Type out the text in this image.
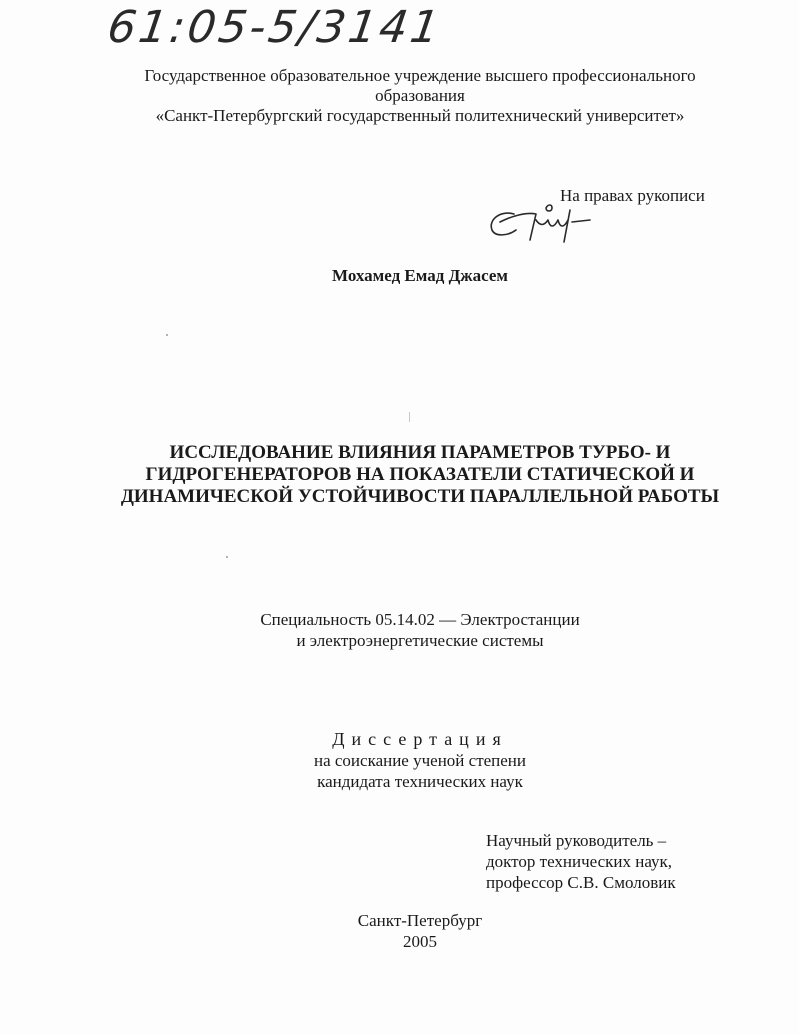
61:05-5/3141
Государственное образовательное учреждение высшего профессионального
образования
«Санкт-Петербургский государственный политехнический университет»
На правах рукописи
Мохамед Емад Джасем
ИССЛЕДОВАНИЕ ВЛИЯНИЯ ПАРАМЕТРОВ ТУРБО- И
ГИДРОГЕНЕРАТОРОВ НА ПОКАЗАТЕЛИ СТАТИЧЕСКОЙ И
ДИНАМИЧЕСКОЙ УСТОЙЧИВОСТИ ПАРАЛЛЕЛЬНОЙ РАБОТЫ
Специальность 05.14.02 — Электростанции
и электроэнергетические системы
Диссертация
на соискание ученой степени
кандидата технических наук
Научный руководитель –
доктор технических наук,
профессор С.В. Смоловик
Санкт-Петербург
2005
